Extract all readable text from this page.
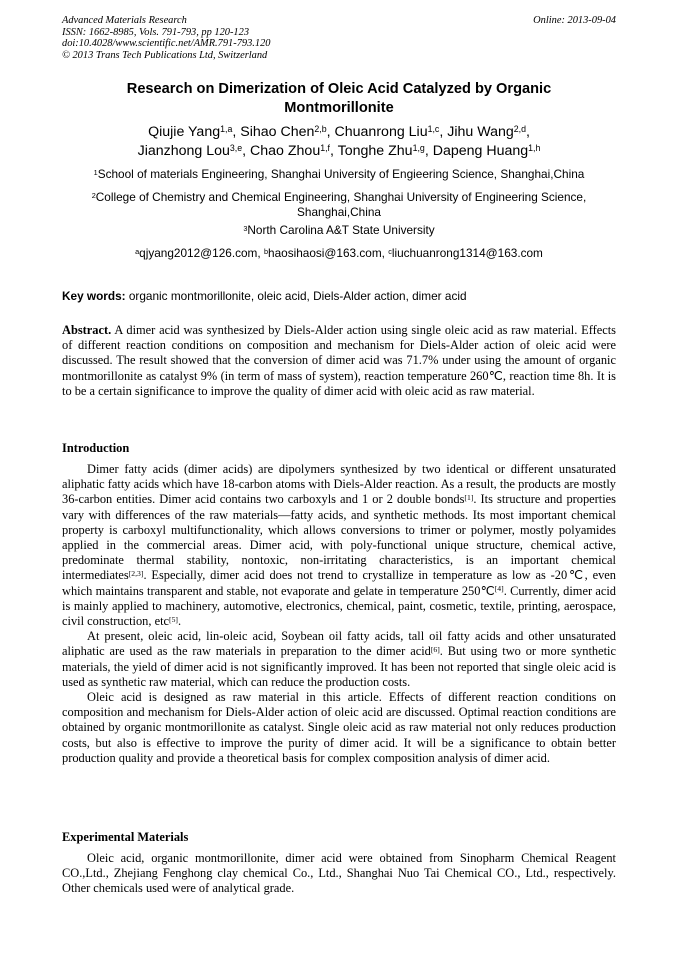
Advanced Materials Research
ISSN: 1662-8985, Vols. 791-793, pp 120-123
doi:10.4028/www.scientific.net/AMR.791-793.120
© 2013 Trans Tech Publications Ltd, Switzerland
Online: 2013-09-04
Research on Dimerization of Oleic Acid Catalyzed by Organic
Montmorillonite
Qiujie Yang$^{1,a}$, Sihao Chen$^{2,b}$, Chuanrong Liu$^{1,c}$, Jihu Wang$^{2,d}$,
Jianzhong Lou$^{3,e}$, Chao Zhou$^{1,f}$, Tonghe Zhu$^{1,g}$, Dapeng Huang$^{1,h}$
$^1$School of materials Engineering, Shanghai University of Engieering Science, Shanghai,China
$^2$College of Chemistry and Chemical Engineering, Shanghai University of Engineering Science,
Shanghai,China
$^3$North Carolina A&T State University
$^a$qjyang2012@126.com, $^b$haosihaosi@163.com, $^c$liuchuanrong1314@163.com
Key words: organic montmorillonite, oleic acid, Diels-Alder action, dimer acid

Abstract. A dimer acid was synthesized by Diels-Alder action using single oleic acid as raw material. Effects of different reaction conditions on composition and mechanism for Diels-Alder action of oleic acid were discussed. The result showed that the conversion of dimer acid was 71.7% under using the amount of organic montmorillonite as catalyst 9% (in term of mass of system), reaction temperature 260℃, reaction time 8h. It is to be a certain significance to improve the quality of dimer acid with oleic acid as raw material.

Introduction

Dimer fatty acids (dimer acids) are dipolymers synthesized by two identical or different unsaturated aliphatic fatty acids which have 18-carbon atoms with Diels-Alder reaction. As a result, the products are mostly 36-carbon entities. Dimer acid contains two carboxyls and 1 or 2 double bonds[1]. Its structure and properties vary with differences of the raw materials—fatty acids, and synthetic methods. Its most important chemical property is carboxyl multifunctionality, which allows conversions to trimer or polymer, mostly polyamides applied in the commercial areas. Dimer acid, with poly-functional unique structure, chemical active, predominate thermal stability, nontoxic, non-irritating characteristics, is an important chemical intermediates[2,3]. Especially, dimer acid does not trend to crystallize in temperature as low as -20℃, even which maintains transparent and stable, not evaporate and gelate in temperature 250℃[4]. Currently, dimer acid is mainly applied to machinery, automotive, electronics, chemical, paint, cosmetic, textile, printing, aerospace, civil construction, etc[5].

At present, oleic acid, lin-oleic acid, Soybean oil fatty acids, tall oil fatty acids and other unsaturated aliphatic are used as the raw materials in preparation to the dimer acid[6]. But using two or more synthetic materials, the yield of dimer acid is not significantly improved. It has been not reported that single oleic acid is used as synthetic raw material, which can reduce the production costs.

Oleic acid is designed as raw material in this article. Effects of different reaction conditions on composition and mechanism for Diels-Alder action of oleic acid are discussed. Optimal reaction conditions are obtained by organic montmorillonite as catalyst. Single oleic acid as raw material not only reduces production costs, but also is effective to improve the purity of dimer acid. It will be a significance to obtain better production quality and provide a theoretical basis for complex composition analysis of dimer acid.

Experimental Materials

Oleic acid, organic montmorillonite, dimer acid were obtained from Sinopharm Chemical Reagent CO.,Ltd., Zhejiang Fenghong clay chemical Co., Ltd., Shanghai Nuo Tai Chemical CO., Ltd., respectively. Other chemicals used were of analytical grade.
